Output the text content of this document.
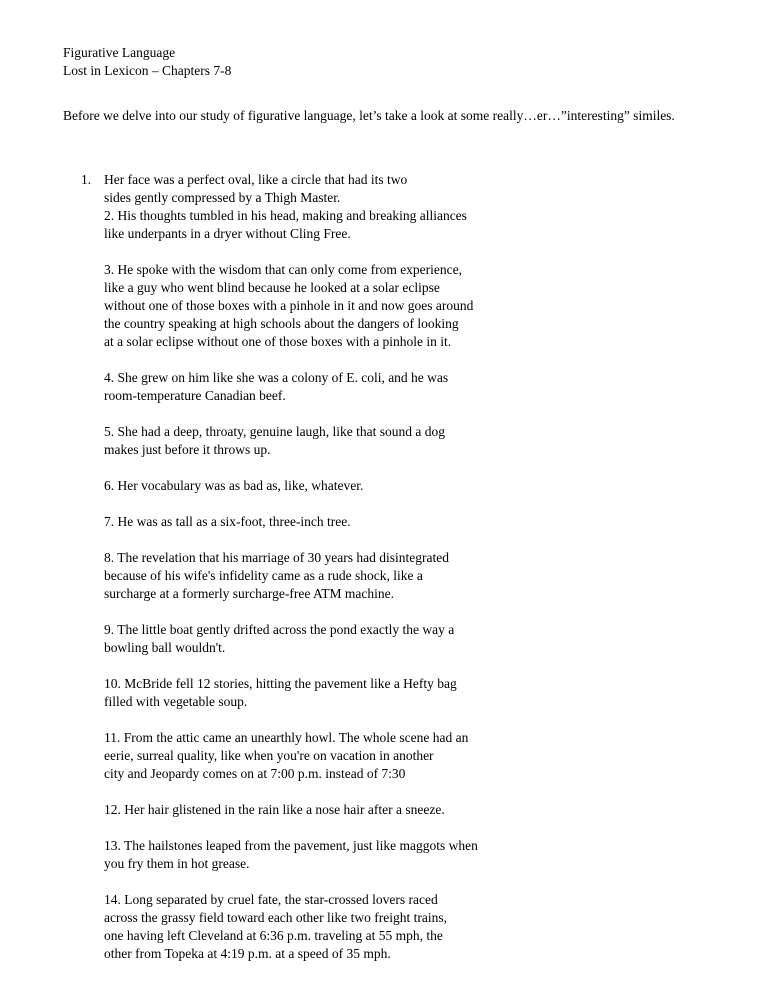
Figurative Language
Lost in Lexicon – Chapters 7-8
Before we delve into our study of figurative language, let’s take a look at some really…er…”interesting” similes.

1. Her face was a perfect oval, like a circle that had its two
sides gently compressed by a Thigh Master.

2. His thoughts tumbled in his head, making and breaking alliances
like underpants in a dryer without Cling Free.
3. He spoke with the wisdom that can only come from experience,
like a guy who went blind because he looked at a solar eclipse
without one of those boxes with a pinhole in it and now goes around
the country speaking at high schools about the dangers of looking
at a solar eclipse without one of those boxes with a pinhole in it.
4. She grew on him like she was a colony of E. coli, and he was
room-temperature Canadian beef.
5. She had a deep, throaty, genuine laugh, like that sound a dog
makes just before it throws up.
6. Her vocabulary was as bad as, like, whatever.
7. He was as tall as a six-foot, three-inch tree.
8. The revelation that his marriage of 30 years had disintegrated
because of his wife's infidelity came as a rude shock, like a
surcharge at a formerly surcharge-free ATM machine.
9. The little boat gently drifted across the pond exactly the way a
bowling ball wouldn't.
10. McBride fell 12 stories, hitting the pavement like a Hefty bag
filled with vegetable soup.
11. From the attic came an unearthly howl. The whole scene had an
eerie, surreal quality, like when you're on vacation in another
city and Jeopardy comes on at 7:00 p.m. instead of 7:30
12. Her hair glistened in the rain like a nose hair after a sneeze.
13. The hailstones leaped from the pavement, just like maggots when
you fry them in hot grease.
14. Long separated by cruel fate, the star-crossed lovers raced
across the grassy field toward each other like two freight trains,
one having left Cleveland at 6:36 p.m. traveling at 55 mph, the
other from Topeka at 4:19 p.m. at a speed of 35 mph.
